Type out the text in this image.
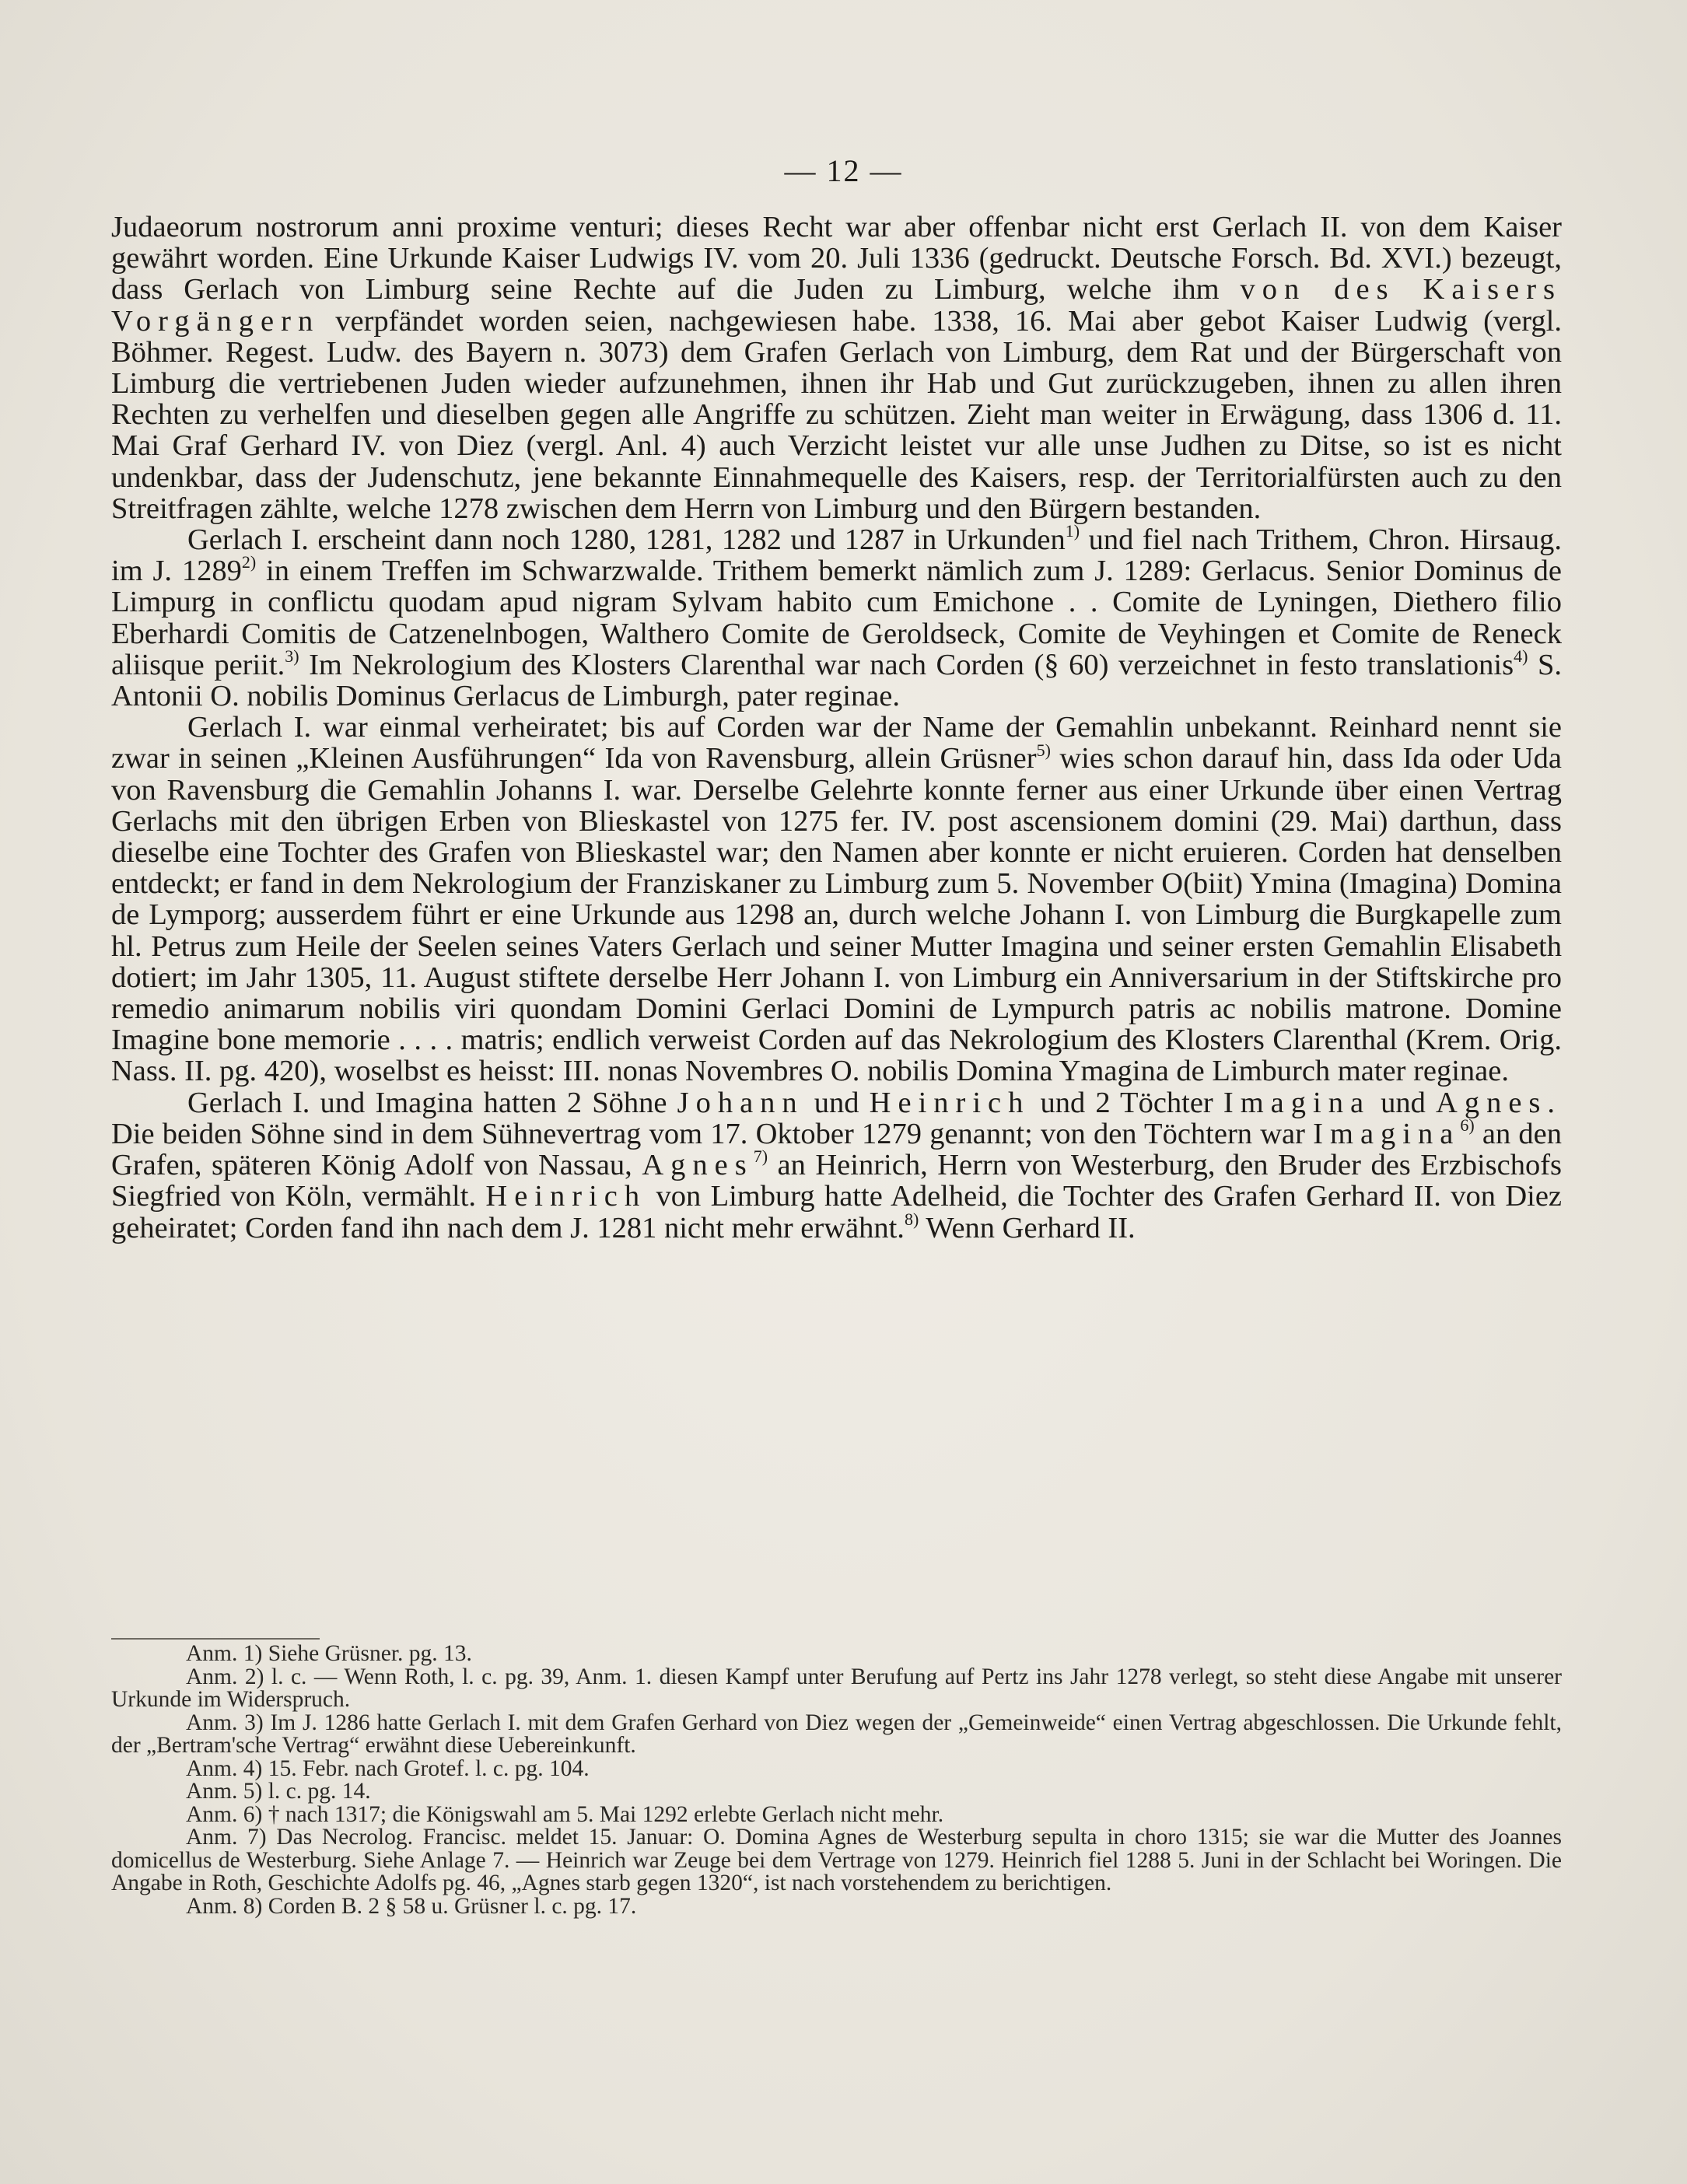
— 12 —

Judaeorum nostrorum anni proxime venturi; dieses Recht war aber offenbar nicht erst Gerlach II. von dem Kaiser gewährt worden. Eine Urkunde Kaiser Ludwigs IV. vom 20. Juli 1336 (gedruckt. Deutsche Forsch. Bd. XVI.) bezeugt, dass Gerlach von Limburg seine Rechte auf die Juden zu Limburg, welche ihm von des Kaisers Vorgängern verpfändet worden seien, nachgewiesen habe. 1338, 16. Mai aber gebot Kaiser Ludwig (vergl. Böhmer. Regest. Ludw. des Bayern n. 3073) dem Grafen Gerlach von Limburg, dem Rat und der Bürgerschaft von Limburg die vertriebenen Juden wieder aufzunehmen, ihnen ihr Hab und Gut zurückzugeben, ihnen zu allen ihren Rechten zu verhelfen und dieselben gegen alle Angriffe zu schützen. Zieht man weiter in Erwägung, dass 1306 d. 11. Mai Graf Gerhard IV. von Diez (vergl. Anl. 4) auch Verzicht leistet vur alle unse Judhen zu Ditse, so ist es nicht undenkbar, dass der Judenschutz, jene bekannte Einnahmequelle des Kaisers, resp. der Territorialfürsten auch zu den Streitfragen zählte, welche 1278 zwischen dem Herrn von Limburg und den Bürgern bestanden.

Gerlach I. erscheint dann noch 1280, 1281, 1282 und 1287 in Urkunden$^{1)}$ und fiel nach Trithem, Chron. Hirsaug. im J. 1289$^{2)}$ in einem Treffen im Schwarzwalde. Trithem bemerkt nämlich zum J. 1289: Gerlacus. Senior Dominus de Limpurg in conflictu quodam apud nigram Sylvam habito cum Emichone . . Comite de Lyningen, Diethero filio Eberhardi Comitis de Catzenelnbogen, Walthero Comite de Geroldseck, Comite de Veyhingen et Comite de Reneck aliisque periit.$^{3)}$ Im Nekrologium des Klosters Clarenthal war nach Corden (§ 60) verzeichnet in festo translationis$^{4)}$ S. Antonii O. nobilis Dominus Gerlacus de Limburgh, pater reginae.

Gerlach I. war einmal verheiratet; bis auf Corden war der Name der Gemahlin unbekannt. Reinhard nennt sie zwar in seinen „Kleinen Ausführungen“ Ida von Ravensburg, allein Grüsner$^{5)}$ wies schon darauf hin, dass Ida oder Uda von Ravensburg die Gemahlin Johanns I. war. Derselbe Gelehrte konnte ferner aus einer Urkunde über einen Vertrag Gerlachs mit den übrigen Erben von Blieskastel von 1275 fer. IV. post ascensionem domini (29. Mai) darthun, dass dieselbe eine Tochter des Grafen von Blieskastel war; den Namen aber konnte er nicht eruieren. Corden hat denselben entdeckt; er fand in dem Nekrologium der Franziskaner zu Limburg zum 5. November O(biit) Ymina (Imagina) Domina de Lymporg; ausserdem führt er eine Urkunde aus 1298 an, durch welche Johann I. von Limburg die Burgkapelle zum hl. Petrus zum Heile der Seelen seines Vaters Gerlach und seiner Mutter Imagina und seiner ersten Gemahlin Elisabeth dotiert; im Jahr 1305, 11. August stiftete derselbe Herr Johann I. von Limburg ein Anniversarium in der Stiftskirche pro remedio animarum nobilis viri quondam Domini Gerlaci Domini de Lympurch patris ac nobilis matrone. Domine Imagine bone memorie . . . . matris; endlich verweist Corden auf das Nekrologium des Klosters Clarenthal (Krem. Orig. Nass. II. pg. 420), woselbst es heisst: III. nonas Novembres O. nobilis Domina Ymagina de Limburch mater reginae.

Gerlach I. und Imagina hatten 2 Söhne Johann und Heinrich und 2 Töchter Imagina und Agnes. Die beiden Söhne sind in dem Sühnevertrag vom 17. Oktober 1279 genannt; von den Töchtern war Imagina$^{6)}$ an den Grafen, späteren König Adolf von Nassau, Agnes$^{7)}$ an Heinrich, Herrn von Westerburg, den Bruder des Erzbischofs Siegfried von Köln, vermählt. Heinrich von Limburg hatte Adelheid, die Tochter des Grafen Gerhard II. von Diez geheiratet; Corden fand ihn nach dem J. 1281 nicht mehr erwähnt.$^{8)}$ Wenn Gerhard II.

Anm. 1) Siehe Grüsner. pg. 13.

Anm. 2) l. c. — Wenn Roth, l. c. pg. 39, Anm. 1. diesen Kampf unter Berufung auf Pertz ins Jahr 1278 verlegt, so steht diese Angabe mit unserer Urkunde im Widerspruch.

Anm. 3) Im J. 1286 hatte Gerlach I. mit dem Grafen Gerhard von Diez wegen der „Gemeinweide“ einen Vertrag abgeschlossen. Die Urkunde fehlt, der „Bertram'sche Vertrag“ erwähnt diese Uebereinkunft.

Anm. 4) 15. Febr. nach Grotef. l. c. pg. 104.

Anm. 5) l. c. pg. 14.

Anm. 6) † nach 1317; die Königswahl am 5. Mai 1292 erlebte Gerlach nicht mehr.

Anm. 7) Das Necrolog. Francisc. meldet 15. Januar: O. Domina Agnes de Westerburg sepulta in choro 1315; sie war die Mutter des Joannes domicellus de Westerburg. Siehe Anlage 7. — Heinrich war Zeuge bei dem Vertrage von 1279. Heinrich fiel 1288 5. Juni in der Schlacht bei Woringen. Die Angabe in Roth, Geschichte Adolfs pg. 46, „Agnes starb gegen 1320“, ist nach vorstehendem zu berichtigen.

Anm. 8) Corden B. 2 § 58 u. Grüsner l. c. pg. 17.
